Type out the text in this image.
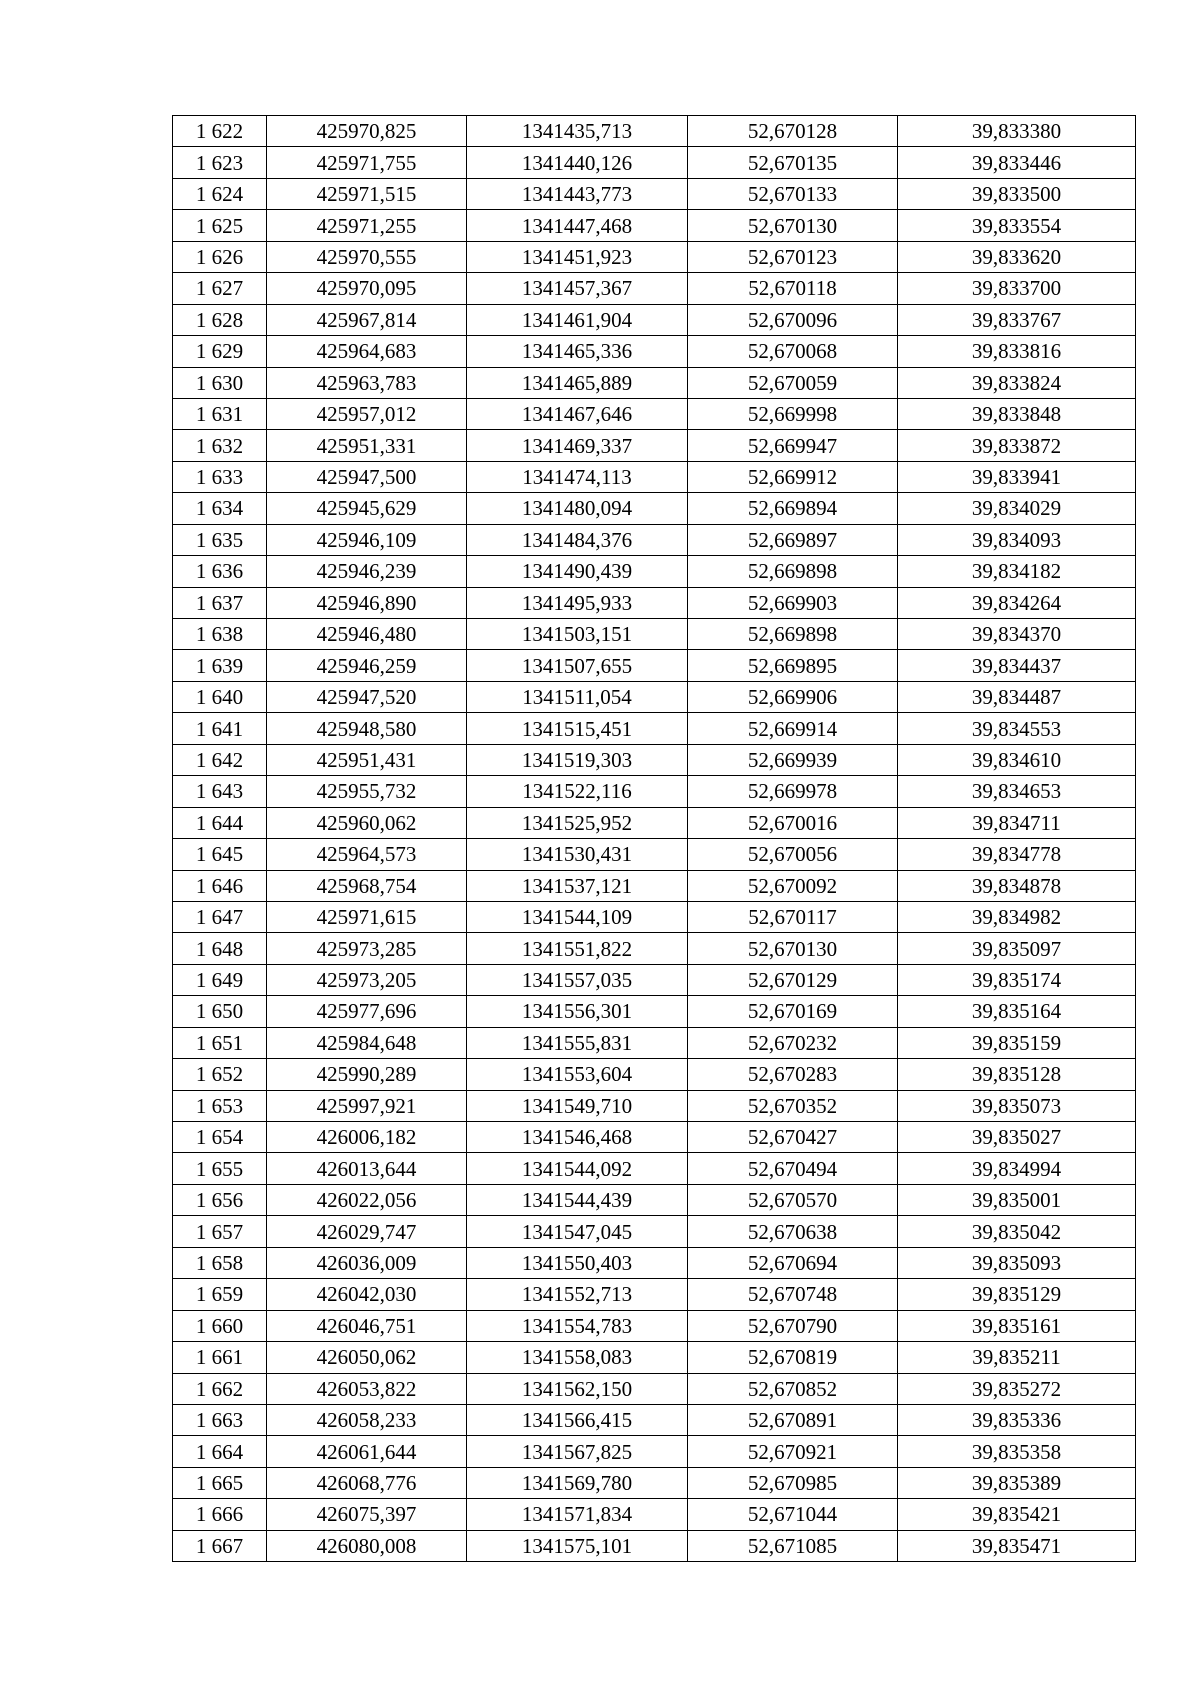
1 622	425970,825	1341435,713	52,670128	39,833380
1 623	425971,755	1341440,126	52,670135	39,833446
1 624	425971,515	1341443,773	52,670133	39,833500
1 625	425971,255	1341447,468	52,670130	39,833554
1 626	425970,555	1341451,923	52,670123	39,833620
1 627	425970,095	1341457,367	52,670118	39,833700
1 628	425967,814	1341461,904	52,670096	39,833767
1 629	425964,683	1341465,336	52,670068	39,833816
1 630	425963,783	1341465,889	52,670059	39,833824
1 631	425957,012	1341467,646	52,669998	39,833848
1 632	425951,331	1341469,337	52,669947	39,833872
1 633	425947,500	1341474,113	52,669912	39,833941
1 634	425945,629	1341480,094	52,669894	39,834029
1 635	425946,109	1341484,376	52,669897	39,834093
1 636	425946,239	1341490,439	52,669898	39,834182
1 637	425946,890	1341495,933	52,669903	39,834264
1 638	425946,480	1341503,151	52,669898	39,834370
1 639	425946,259	1341507,655	52,669895	39,834437
1 640	425947,520	1341511,054	52,669906	39,834487
1 641	425948,580	1341515,451	52,669914	39,834553
1 642	425951,431	1341519,303	52,669939	39,834610
1 643	425955,732	1341522,116	52,669978	39,834653
1 644	425960,062	1341525,952	52,670016	39,834711
1 645	425964,573	1341530,431	52,670056	39,834778
1 646	425968,754	1341537,121	52,670092	39,834878
1 647	425971,615	1341544,109	52,670117	39,834982
1 648	425973,285	1341551,822	52,670130	39,835097
1 649	425973,205	1341557,035	52,670129	39,835174
1 650	425977,696	1341556,301	52,670169	39,835164
1 651	425984,648	1341555,831	52,670232	39,835159
1 652	425990,289	1341553,604	52,670283	39,835128
1 653	425997,921	1341549,710	52,670352	39,835073
1 654	426006,182	1341546,468	52,670427	39,835027
1 655	426013,644	1341544,092	52,670494	39,834994
1 656	426022,056	1341544,439	52,670570	39,835001
1 657	426029,747	1341547,045	52,670638	39,835042
1 658	426036,009	1341550,403	52,670694	39,835093
1 659	426042,030	1341552,713	52,670748	39,835129
1 660	426046,751	1341554,783	52,670790	39,835161
1 661	426050,062	1341558,083	52,670819	39,835211
1 662	426053,822	1341562,150	52,670852	39,835272
1 663	426058,233	1341566,415	52,670891	39,835336
1 664	426061,644	1341567,825	52,670921	39,835358
1 665	426068,776	1341569,780	52,670985	39,835389
1 666	426075,397	1341571,834	52,671044	39,835421
1 667	426080,008	1341575,101	52,671085	39,835471
